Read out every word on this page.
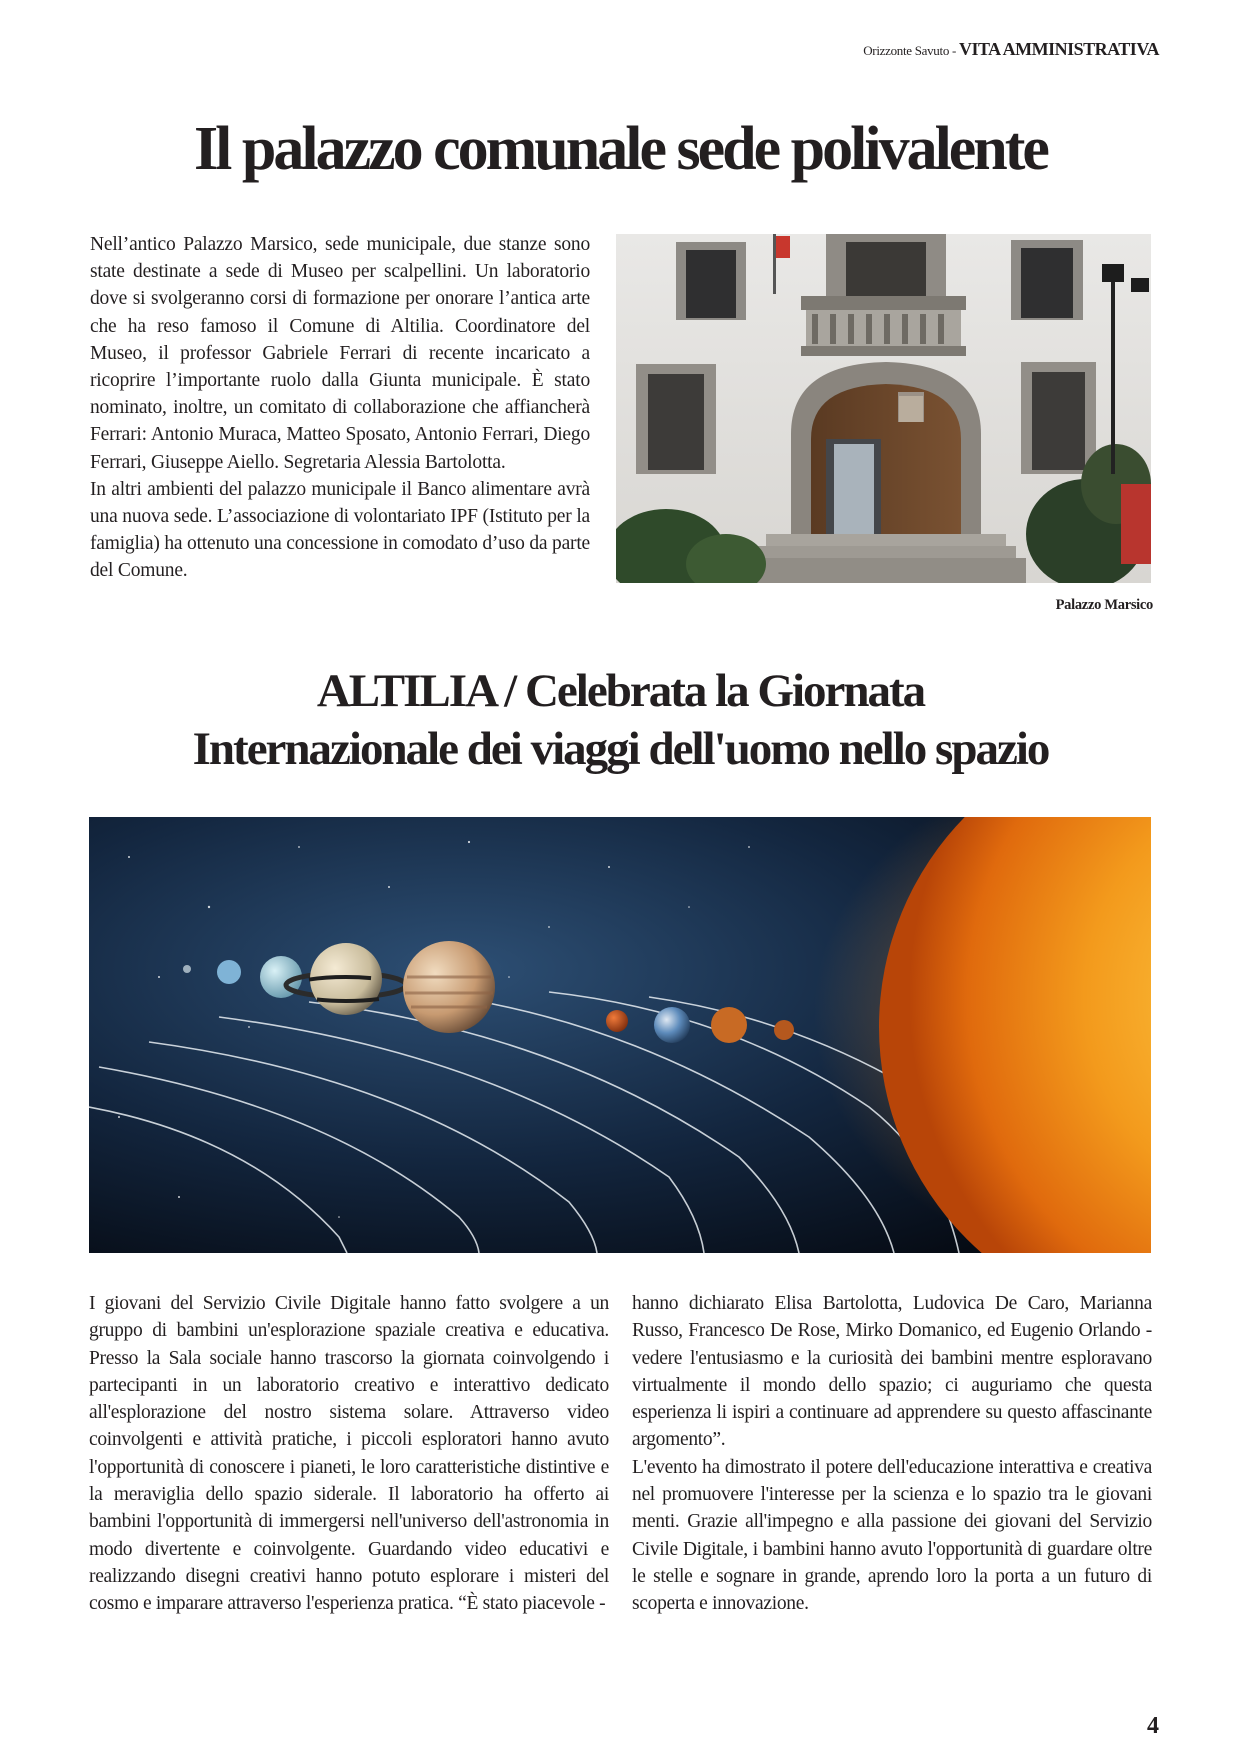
Orizzonte Savuto - VITA AMMINISTRATIVA
Il palazzo comunale sede polivalente

Nell’antico Palazzo Marsico, sede municipale, due stanze sono state destinate a sede di Museo per scalpellini. Un laboratorio dove si svolgeranno corsi di formazione per onorare l’antica arte che ha reso famoso il Comune di Altilia. Coordinatore del Museo, il professor Gabriele Ferrari di recente incaricato a ricoprire l’importante ruolo dalla Giunta municipale. È stato nominato, inoltre, un comitato di collaborazione che affiancherà Ferrari: Antonio Muraca, Matteo Sposato, Antonio Ferrari, Diego Ferrari, Giuseppe Aiello. Segretaria Alessia Bartolotta.

In altri ambienti del palazzo municipale il Banco alimentare avrà una nuova sede. L’associazione di volontariato IPF (Istituto per la famiglia) ha ottenuto una concessione in comodato d’uso da parte del Comune.

Palazzo Marsico
ALTILIA / Celebrata la Giornata
Internazionale dei viaggi dell'uomo nello spazio

I giovani del Servizio Civile Digitale hanno fatto svolgere a un gruppo di bambini un'esplorazione spaziale creativa e educativa. Presso la Sala sociale hanno trascorso la giornata coinvolgendo i partecipanti in un laboratorio creativo e interattivo dedicato all'esplorazione del nostro sistema solare. Attraverso video coinvolgenti e attività pratiche, i piccoli esploratori hanno avuto l'opportunità di conoscere i pianeti, le loro caratteristiche distintive e la meraviglia dello spazio siderale. Il laboratorio ha offerto ai bambini l'opportunità di immergersi nell'universo dell'astronomia in modo divertente e coinvolgente. Guardando video educativi e realizzando disegni creativi hanno potuto esplorare i misteri del cosmo e imparare attraverso l'esperienza pratica. “È stato piacevole -

hanno dichiarato Elisa Bartolotta, Ludovica De Caro, Marianna Russo, Francesco De Rose, Mirko Domanico, ed Eugenio Orlando - vedere l'entusiasmo e la curiosità dei bambini mentre esploravano virtualmente il mondo dello spazio; ci auguriamo che questa esperienza li ispiri a continuare ad apprendere su questo affascinante argomento”.

L'evento ha dimostrato il potere dell'educazione interattiva e creativa nel promuovere l'interesse per la scienza e lo spazio tra le giovani menti. Grazie all'impegno e alla passione dei giovani del Servizio Civile Digitale, i bambini hanno avuto l'opportunità di guardare oltre le stelle e sognare in grande, aprendo loro la porta a un futuro di scoperta e innovazione.

4
